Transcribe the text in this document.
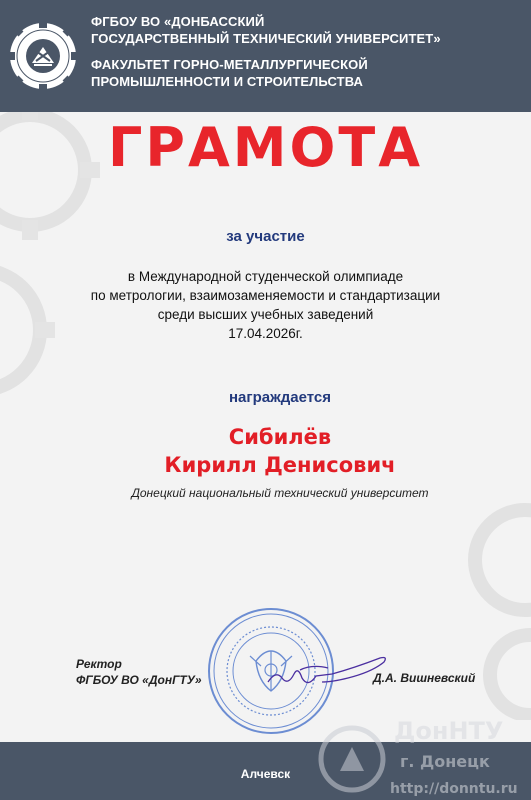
ФГБОУ ВО «ДОНБАССКИЙ
ГОСУДАРСТВЕННЫЙ ТЕХНИЧЕСКИЙ УНИВЕРСИТЕТ»
ФАКУЛЬТЕТ ГОРНО-МЕТАЛЛУРГИЧЕСКОЙ
ПРОМЫШЛЕННОСТИ И СТРОИТЕЛЬСТВА
ГРАМОТА
за участие
в Международной студенческой олимпиаде
по метрологии, взаимозаменяемости и стандартизации
среди высших учебных заведений
17.04.2026г.
награждается
Сибилёв
Кирилл Денисович
Донецкий национальный технический университет
Ректор
ФГБОУ ВО «ДонГТУ»	Д.А. Вишневский
Алчевск
ДонНТУ
г. Донецк
http://donntu.ru
